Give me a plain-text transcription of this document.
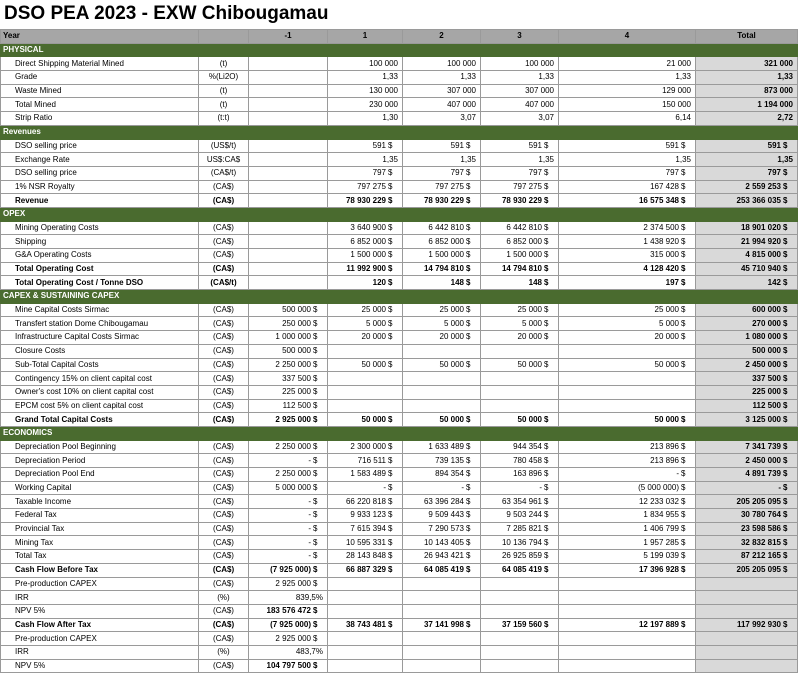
DSO PEA 2023 - EXW Chibougamau
Year		-1	1	2	3	4	Total
PHYSICAL							
Direct Shipping Material Mined	(t)		100 000	100 000	100 000	21 000	321 000
Grade	%(Li2O)		1,33	1,33	1,33	1,33	1,33
Waste Mined	(t)		130 000	307 000	307 000	129 000	873 000
Total Mined	(t)		230 000	407 000	407 000	150 000	1 194 000
Strip Ratio	(t:t)		1,30	3,07	3,07	6,14	2,72
Revenues							
DSO selling price	(US$/t)		591 $	591 $	591 $	591 $	591 $
Exchange Rate	US$:CA$		1,35	1,35	1,35	1,35	1,35
DSO selling price	(CA$/t)		797 $	797 $	797 $	797 $	797 $
1% NSR Royalty	(CA$)		797 275 $	797 275 $	797 275 $	167 428 $	2 559 253 $
Revenue	(CA$)		78 930 229 $	78 930 229 $	78 930 229 $	16 575 348 $	253 366 035 $
OPEX							
Mining Operating Costs	(CA$)		3 640 900 $	6 442 810 $	6 442 810 $	2 374 500 $	18 901 020 $
Shipping	(CA$)		6 852 000 $	6 852 000 $	6 852 000 $	1 438 920 $	21 994 920 $
G&A Operating Costs	(CA$)		1 500 000 $	1 500 000 $	1 500 000 $	315 000 $	4 815 000 $
Total Operating Cost	(CA$)		11 992 900 $	14 794 810 $	14 794 810 $	4 128 420 $	45 710 940 $
Total Operating Cost / Tonne DSO	(CA$/t)		120 $	148 $	148 $	197 $	142 $
CAPEX & SUSTAINING CAPEX							
Mine Capital Costs Sirmac	(CA$)	500 000 $	25 000 $	25 000 $	25 000 $	25 000 $	600 000 $
Transfert station Dome Chibougamau	(CA$)	250 000 $	5 000 $	5 000 $	5 000 $	5 000 $	270 000 $
Infrastructure Capital Costs Sirmac	(CA$)	1 000 000 $	20 000 $	20 000 $	20 000 $	20 000 $	1 080 000 $
Closure Costs	(CA$)	500 000 $					500 000 $
Sub-Total Capital Costs	(CA$)	2 250 000 $	50 000 $	50 000 $	50 000 $	50 000 $	2 450 000 $
Contingency 15% on client capital cost	(CA$)	337 500 $					337 500 $
Owner's cost 10% on client capital cost	(CA$)	225 000 $					225 000 $
EPCM cost 5% on client capital cost	(CA$)	112 500 $					112 500 $
Grand Total Capital Costs	(CA$)	2 925 000 $	50 000 $	50 000 $	50 000 $	50 000 $	3 125 000 $
ECONOMICS							
Depreciation Pool Beginning	(CA$)	2 250 000 $	2 300 000 $	1 633 489 $	944 354 $	213 896 $	7 341 739 $
Depreciation Period	(CA$)	- $	716 511 $	739 135 $	780 458 $	213 896 $	2 450 000 $
Depreciation Pool End	(CA$)	2 250 000 $	1 583 489 $	894 354 $	163 896 $	- $	4 891 739 $
Working Capital	(CA$)	5 000 000 $	- $	- $	- $	(5 000 000) $	- $
Taxable Income	(CA$)	- $	66 220 818 $	63 396 284 $	63 354 961 $	12 233 032 $	205 205 095 $
Federal Tax	(CA$)	- $	9 933 123 $	9 509 443 $	9 503 244 $	1 834 955 $	30 780 764 $
Provincial Tax	(CA$)	- $	7 615 394 $	7 290 573 $	7 285 821 $	1 406 799 $	23 598 586 $
Mining Tax	(CA$)	- $	10 595 331 $	10 143 405 $	10 136 794 $	1 957 285 $	32 832 815 $
Total Tax	(CA$)	- $	28 143 848 $	26 943 421 $	26 925 859 $	5 199 039 $	87 212 165 $
Cash Flow Before Tax	(CA$)	(7 925 000) $	66 887 329 $	64 085 419 $	64 085 419 $	17 396 928 $	205 205 095 $
Pre-production CAPEX	(CA$)	2 925 000 $					
IRR	(%)	839,5%					
NPV 5%	(CA$)	183 576 472 $					
Cash Flow After Tax	(CA$)	(7 925 000) $	38 743 481 $	37 141 998 $	37 159 560 $	12 197 889 $	117 992 930 $
Pre-production CAPEX	(CA$)	2 925 000 $					
IRR	(%)	483,7%					
NPV 5%	(CA$)	104 797 500 $					
